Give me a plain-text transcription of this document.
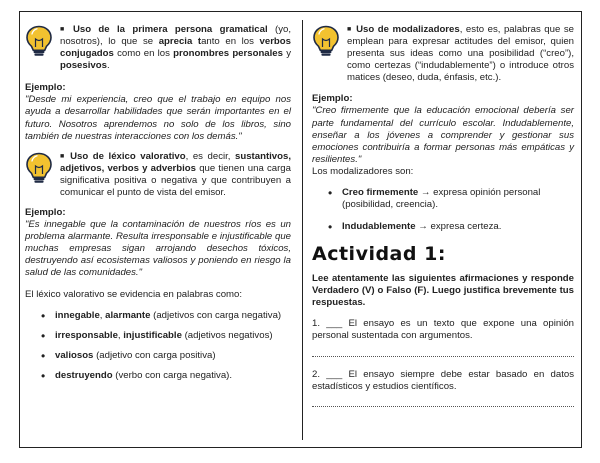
■ Uso de la primera persona gramatical (yo, nosotros), lo que se aprecia tanto en los verbos conjugados como en los pronombres personales y posesivos.
Ejemplo:
"Desde mi experiencia, creo que el trabajo en equipo nos ayuda a desarrollar habilidades que serán importantes en el futuro. Nosotros aprendemos no solo de los libros, sino también de nuestras interacciones con los demás."
■ Uso de léxico valorativo, es decir, sustantivos, adjetivos, verbos y adverbios que tienen una carga significativa positiva o negativa y que contribuyen a comunicar el punto de vista del emisor.
Ejemplo:
"Es innegable que la contaminación de nuestros ríos es un problema alarmante. Resulta irresponsable e injustificable que muchas empresas sigan arrojando desechos tóxicos, destruyendo así ecosistemas valiosos y poniendo en riesgo la salud de las comunidades."
El léxico valorativo se evidencia en palabras como:
• innegable, alarmante (adjetivos con carga negativa)
• irresponsable, injustificable (adjetivos negativos)
• valiosos (adjetivo con carga positiva)
• destruyendo (verbo con carga negativa).
■ Uso de modalizadores, esto es, palabras que se emplean para expresar actitudes del emisor, quien presenta sus ideas como una posibilidad (“creo”), como certezas (“indudablemente”) o introduce otros matices (deseo, duda, énfasis, etc.).
Ejemplo:
"Creo firmemente que la educación emocional debería ser parte fundamental del currículo escolar. Indudablemente, enseñar a los jóvenes a comprender y gestionar sus emociones contribuiría a formar personas más empáticas y resilientes."
Los modalizadores son:
• Creo firmemente → expresa opinión personal (posibilidad, creencia).
• Indudablemente → expresa certeza.
Actividad 1:
Lee atentamente las siguientes afirmaciones y responde Verdadero (V) o Falso (F). Luego justifica brevemente tus respuestas.
1. ___ El ensayo es un texto que expone una opinión personal sustentada con argumentos.
2. ___ El ensayo siempre debe estar basado en datos estadísticos y estudios científicos.
